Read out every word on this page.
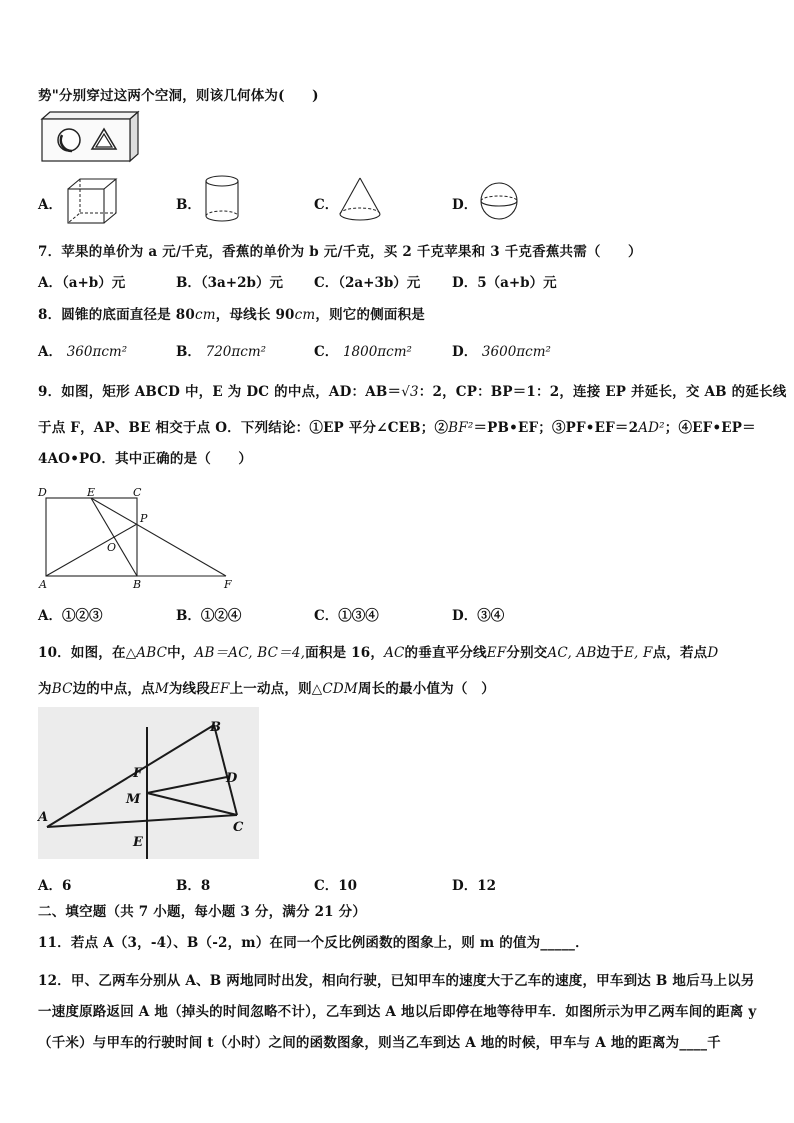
势"分别穿过这两个空洞，则该几何体为(　　)
A．	B．	C．	D．
7．苹果的单价为 a 元/千克，香蕉的单价为 b 元/千克，买 2 千克苹果和 3 千克香蕉共需（　　）
A．（a+b）元	B．（3a+2b）元 C．（2a+3b）元 D．5（a+b）元
8．圆锥的底面直径是 80cm，母线长 90cm，则它的侧面积是
A． 360πcm²	B． 720πcm²	C． 1800πcm²	D． 3600πcm²
9．如图，矩形 ABCD 中，E 为 DC 的中点，AD：AB＝√3：2，CP：BP＝1：2，连接 EP 并延长，交 AB 的延长线
于点 F，AP、BE 相交于点 O．下列结论：①EP 平分∠CEB；②BF²＝PB•EF；③PF•EF＝2AD²；④EF•EP＝
4AO•PO．其中正确的是（　　）
D	E	C
P
O
A	B	F
A．①②③	B．①②④	C．①③④	D．③④
10．如图，在△ABC中，AB＝AC, BC＝4,面积是 16，AC的垂直平分线EF分别交AC, AB边于E, F点，若点D
为BC边的中点，点M为线段EF上一动点，则△CDM周长的最小值为（　）
A
B
C
D
E
F
M
A．6	B．8	C．10	D．12
二、填空题（共 7 小题，每小题 3 分，满分 21 分）
11．若点 A（3，-4）、B（-2，m）在同一个反比例函数的图象上，则 m 的值为_____．
12．甲、乙两车分别从 A、B 两地同时出发，相向行驶，已知甲车的速度大于乙车的速度，甲车到达 B 地后马上以另
一速度原路返回 A 地（掉头的时间忽略不计），乙车到达 A 地以后即停在地等待甲车．如图所示为甲乙两车间的距离 y
（千米）与甲车的行驶时间 t（小时）之间的函数图象，则当乙车到达 A 地的时候，甲车与 A 地的距离为____千
